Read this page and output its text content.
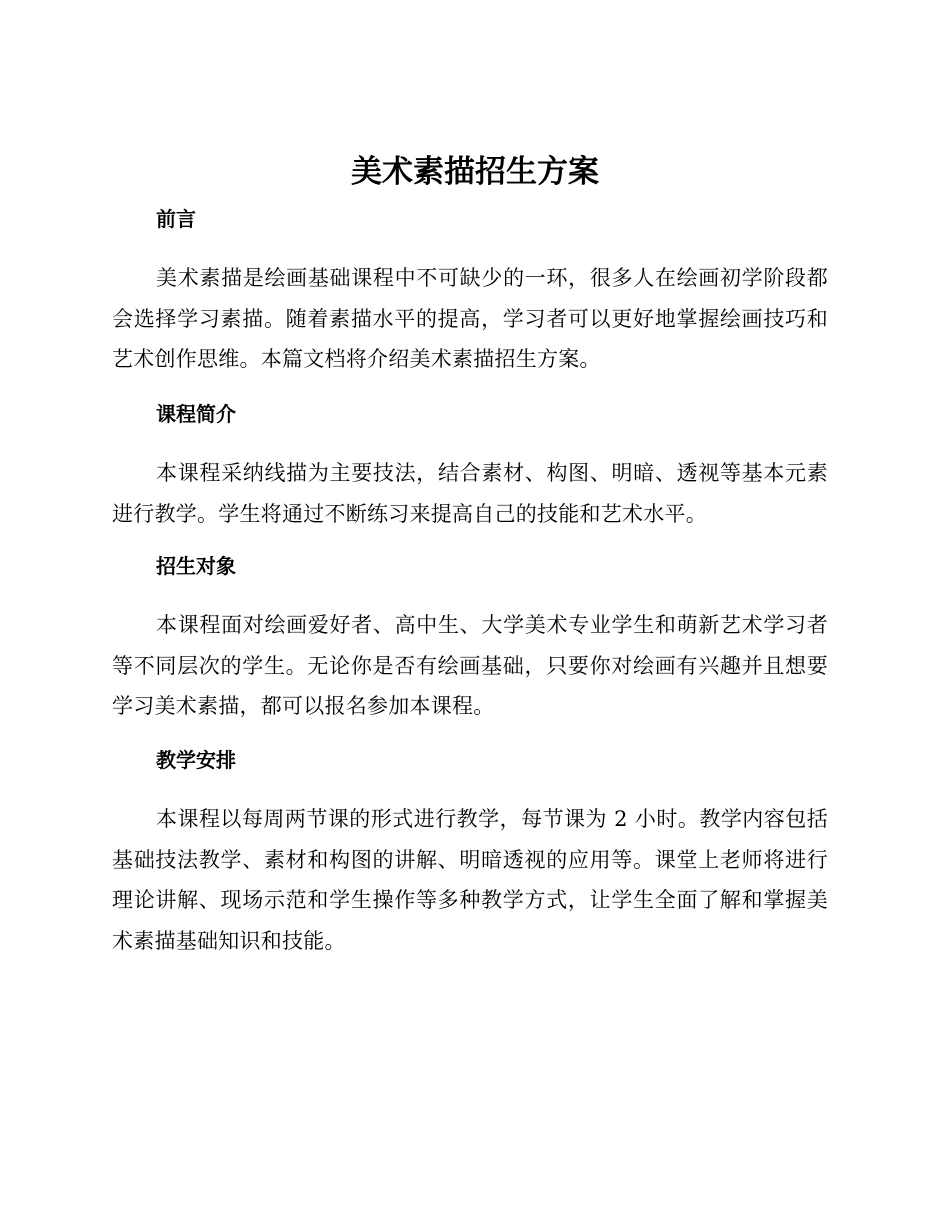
美术素描招生方案
前言

美术素描是绘画基础课程中不可缺少的一环，很多人在绘画初学阶段都会选择学习素描。随着素描水平的提高，学习者可以更好地掌握绘画技巧和艺术创作思维。本篇文档将介绍美术素描招生方案。

课程简介

本课程采纳线描为主要技法，结合素材、构图、明暗、透视等基本元素进行教学。学生将通过不断练习来提高自己的技能和艺术水平。

招生对象

本课程面对绘画爱好者、高中生、大学美术专业学生和萌新艺术学习者等不同层次的学生。无论你是否有绘画基础，只要你对绘画有兴趣并且想要学习美术素描，都可以报名参加本课程。

教学安排

本课程以每周两节课的形式进行教学，每节课为 2 小时。教学内容包括基础技法教学、素材和构图的讲解、明暗透视的应用等。课堂上老师将进行理论讲解、现场示范和学生操作等多种教学方式，让学生全面了解和掌握美术素描基础知识和技能。
